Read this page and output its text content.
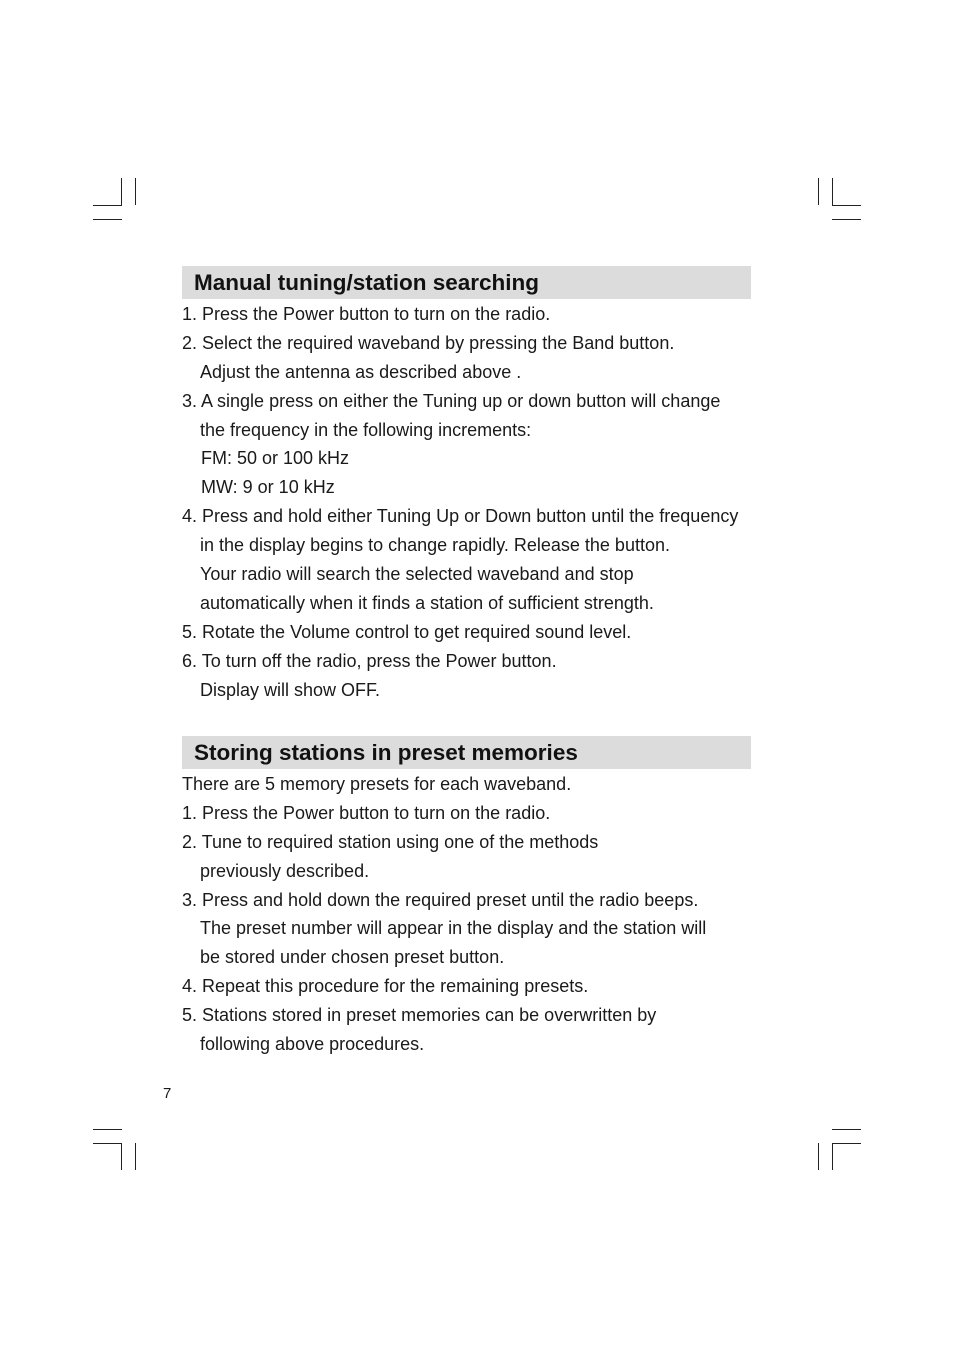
Manual tuning/station searching
1. Press the Power button to turn on the radio.
2. Select the required waveband by pressing the Band button.
Adjust the antenna as described above .
3. A single press on either the Tuning up or down button will change
the frequency in the following increments:
FM: 50 or 100 kHz
MW: 9 or 10 kHz
4. Press and hold either Tuning Up or Down button until the frequency
in the display begins to change rapidly. Release the button.
Your radio will search the selected waveband and stop
automatically when it finds a station of sufficient strength.
5. Rotate the Volume control to get required sound level.
6. To turn off the radio, press the Power button.
Display will show OFF.
Storing stations in preset memories
There are 5 memory presets for each waveband.
1. Press the Power button to turn on the radio.
2. Tune to required station using one of the methods
previously described.
3. Press and hold down the required preset until the radio beeps.
The preset number will appear in the display and the station will
be stored under chosen preset button.
4. Repeat this procedure for the remaining presets.
5. Stations stored in preset memories can be overwritten by
following above procedures.
7
